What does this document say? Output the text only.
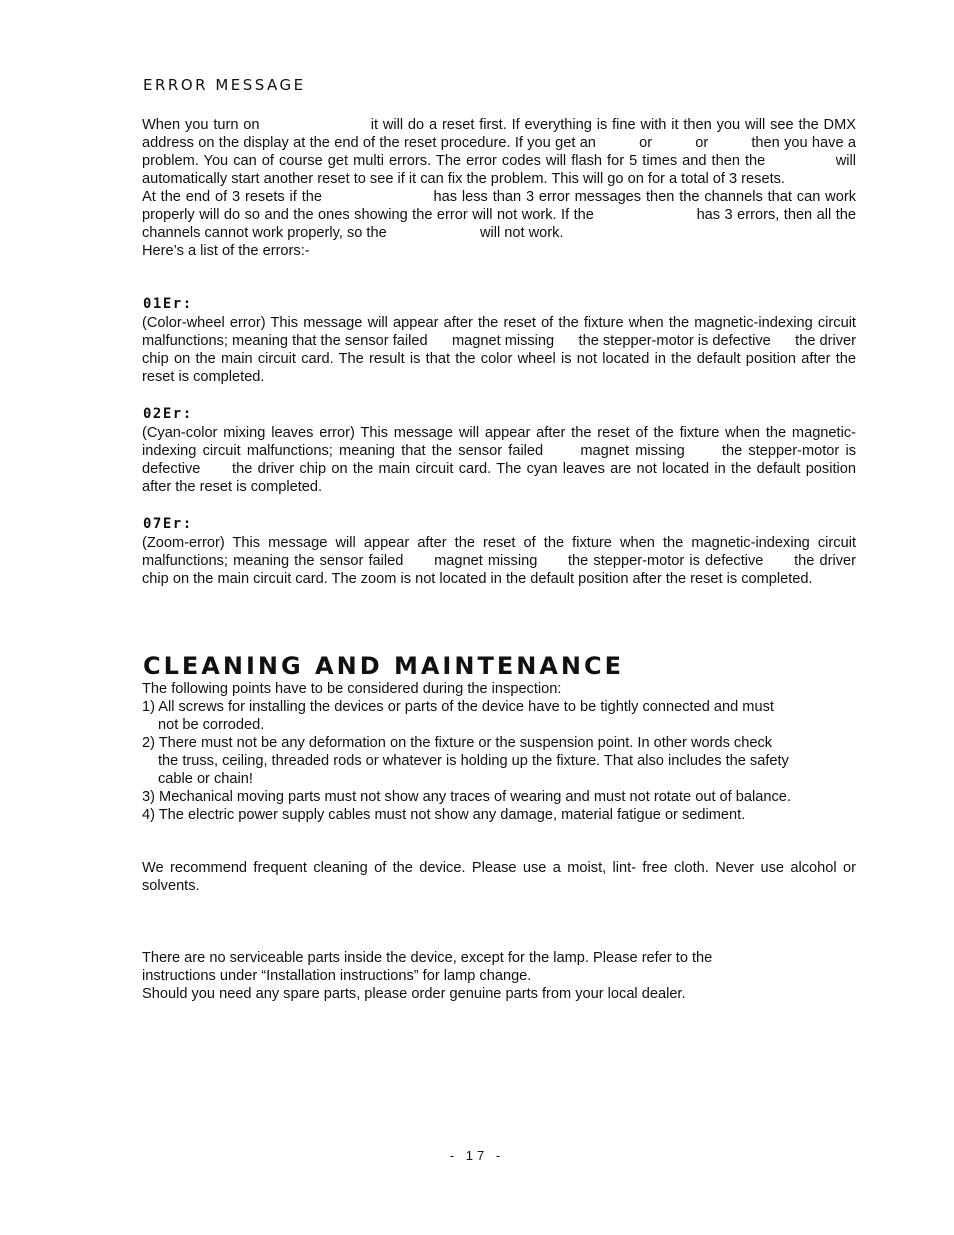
ERROR MESSAGE

When you turn on                       it will do a reset first. If everything is fine with it then you will see the DMX address on the display at the end of the reset procedure. If you get an          or          or          then you have a problem. You can of course get multi errors. The error codes will flash for 5 times and then the              will automatically start another reset to see if it can fix the problem. This will go on for a total of 3 resets.

At the end of 3 resets if the                       has less than 3 error messages then the channels that can work properly will do so and the ones showing the error will not work. If the                       has 3 errors, then all the channels cannot work properly, so the                       will not work.

Here’s a list of the errors:-

01Er:

(Color-wheel error) This message will appear after the reset of the fixture when the magnetic-indexing circuit malfunctions; meaning that the sensor failed      magnet missing      the stepper-motor is defective      the driver chip on the main circuit card. The result is that the color wheel is not located in the default position after the reset is completed.

02Er:

(Cyan-color mixing leaves error) This message will appear after the reset of the fixture when the magnetic-indexing circuit malfunctions; meaning that the sensor failed      magnet missing      the stepper-motor is defective      the driver chip on the main circuit card. The cyan leaves are not located in the default position after the reset is completed.

07Er:

(Zoom-error) This message will appear after the reset of the fixture when the magnetic-indexing circuit malfunctions; meaning the sensor failed      magnet missing      the stepper-motor is defective      the driver chip on the main circuit card. The zoom is not located in the default position after the reset is completed.

CLEANING AND MAINTENANCE
The following points have to be considered during the inspection:
1) All screws for installing the devices or parts of the device have to be tightly connected and must
not be corroded.
2) There must not be any deformation on the fixture or the suspension point. In other words check
the truss, ceiling, threaded rods or whatever is holding up the fixture. That also includes the safety
cable or chain!
3) Mechanical moving parts must not show any traces of wearing and must not rotate out of balance.
4) The electric power supply cables must not show any damage, material fatigue or sediment.

We recommend frequent cleaning of the device. Please use a moist, lint- free cloth. Never use alcohol or solvents.

There are no serviceable parts inside the device, except for the lamp. Please refer to the
instructions under “Installation instructions” for lamp change.
Should you need any spare parts, please order genuine parts from your local dealer.
- 17 -
